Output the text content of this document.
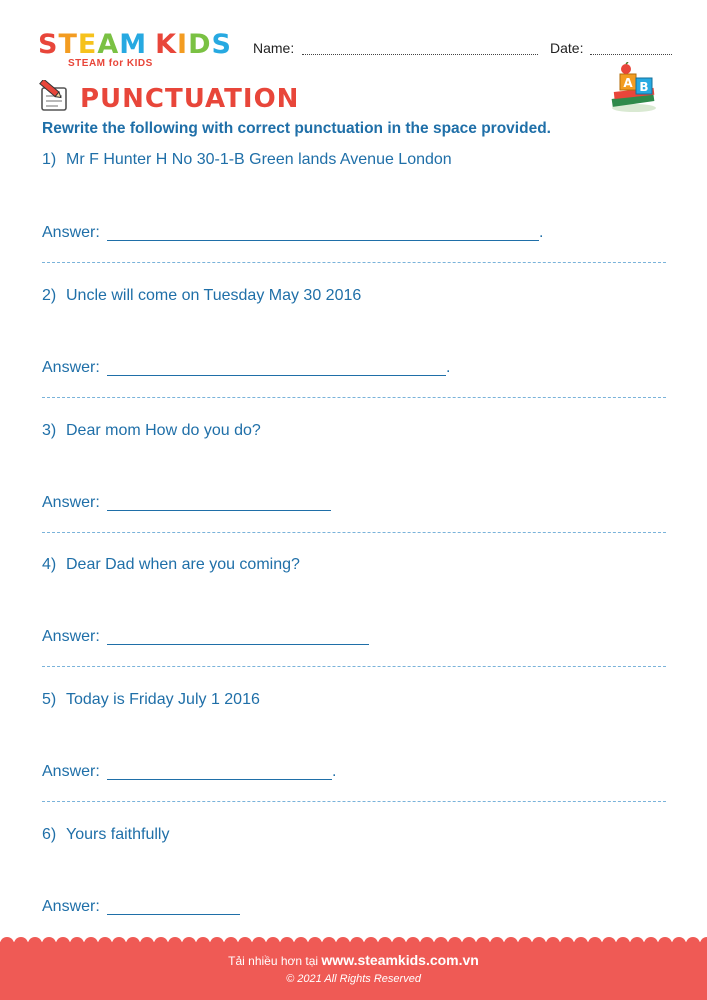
STEAM KIDS
STEAM for KIDS
Name:	Date:
PUNCTUATION
A B
Rewrite the following with correct punctuation in the space provided.
1) Mr F Hunter H No 30-1-B Green lands Avenue London
Answer:	.
2) Uncle will come on Tuesday May 30 2016
Answer:	.
3) Dear mom How do you do?
Answer:
4) Dear Dad when are you coming?
Answer:
5) Today is Friday July 1 2016
Answer:	.
6) Yours faithfully
Answer:
Tải nhiều hơn tại www.steamkids.com.vn
© 2021 All Rights Reserved
